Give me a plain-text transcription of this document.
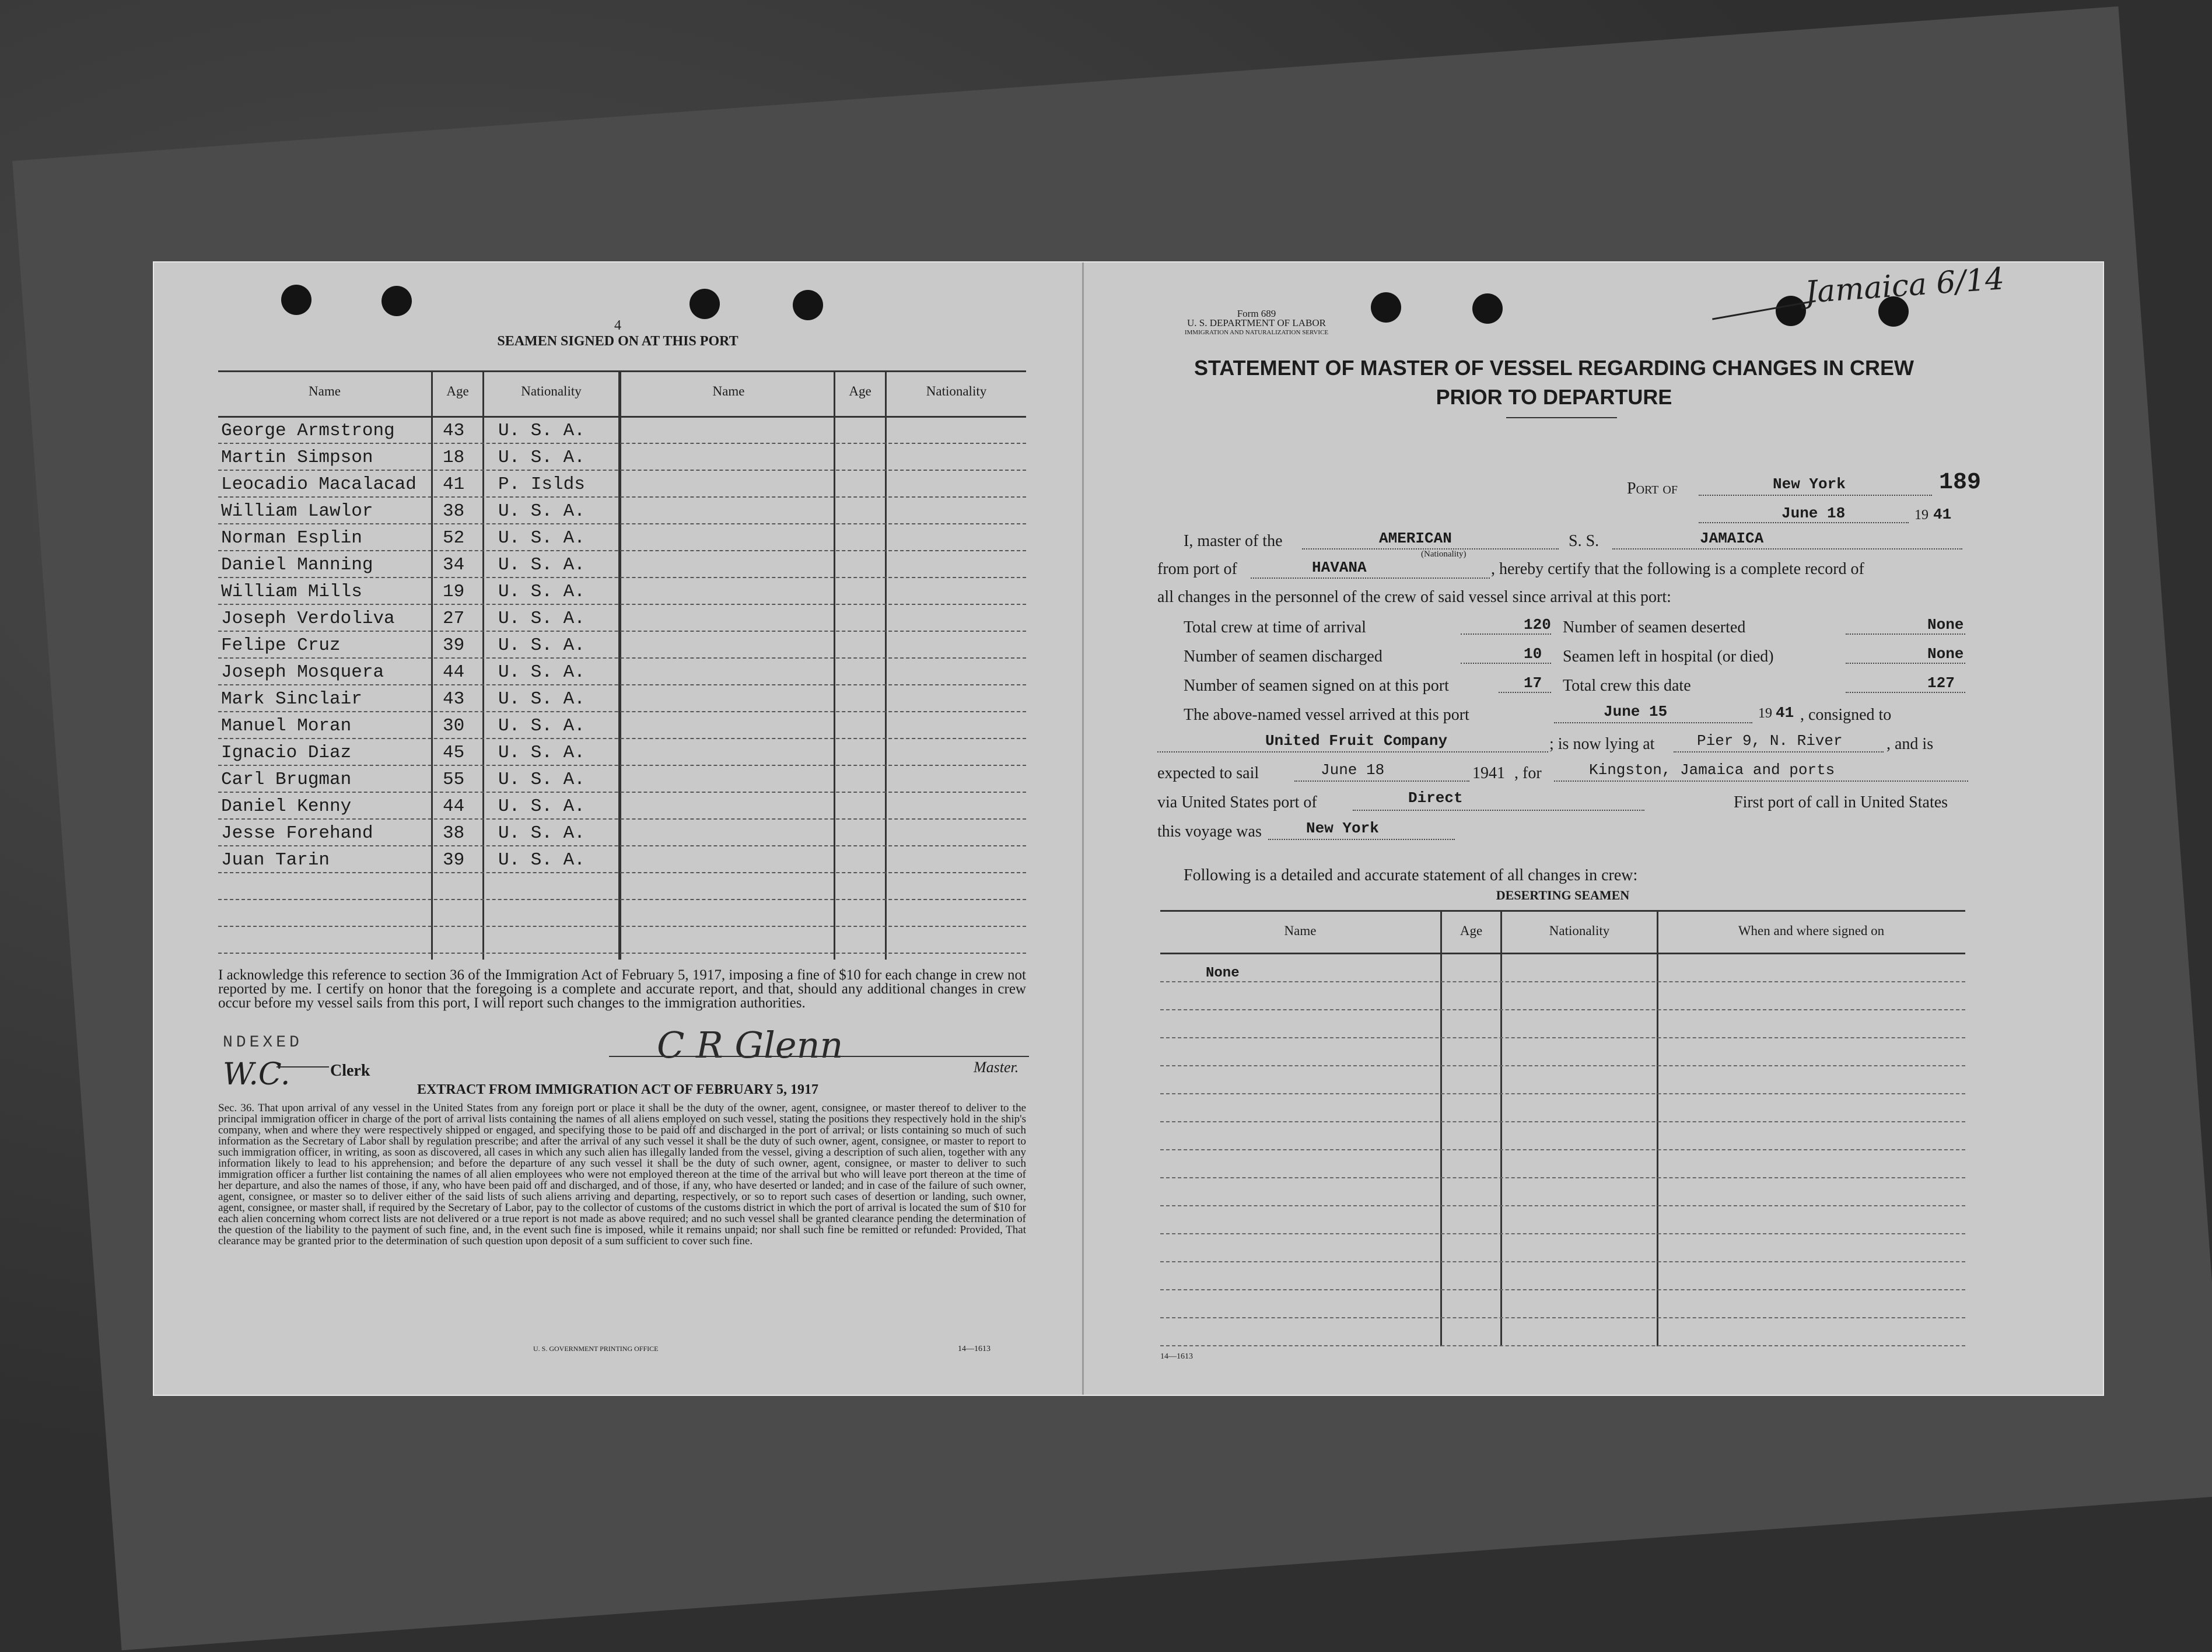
4
SEAMEN SIGNED ON AT THIS PORT
Name	Age	Nationality	Name	Age	Nationality
George Armstrong	43 U. S. A.
Martin Simpson	18 U. S. A.
Leocadio Macalacad 41 P. Islds
William Lawlor	38 U. S. A.
Norman Esplin	52 U. S. A.
Daniel Manning	34 U. S. A.
William Mills	19 U. S. A.
Joseph Verdoliva	27 U. S. A.
Felipe Cruz	39 U. S. A.
Joseph Mosquera	44 U. S. A.
Mark Sinclair	43 U. S. A.
Manuel Moran	30 U. S. A.
Ignacio Diaz	45 U. S. A.
Carl Brugman	55 U. S. A.
Daniel Kenny	44 U. S. A.
Jesse Forehand	38 U. S. A.
Juan Tarin	39 U. S. A.
I acknowledge this reference to section 36 of the Immigration Act of February 5, 1917, imposing a fine of $10 for each change in crew not reported by me. I certify on honor that the foregoing is a complete and accurate report, and that, should any additional changes in crew occur before my vessel sails from this port, I will report such changes to the immigration authorities.
NDEXED
W.C. Clerk
C R Glenn
Master.
EXTRACT FROM IMMIGRATION ACT OF FEBRUARY 5, 1917
Sec. 36. That upon arrival of any vessel in the United States from any foreign port or place it shall be the duty of the owner, agent, consignee, or master thereof to deliver to the principal immigration officer in charge of the port of arrival lists containing the names of all aliens employed on such vessel, stating the positions they respectively hold in the ship's company, when and where they were respectively shipped or engaged, and specifying those to be paid off and discharged in the port of arrival; or lists containing so much of such information as the Secretary of Labor shall by regulation prescribe; and after the arrival of any such vessel it shall be the duty of such owner, agent, consignee, or master to report to such immigration officer, in writing, as soon as discovered, all cases in which any such alien has illegally landed from the vessel, giving a description of such alien, together with any information likely to lead to his apprehension; and before the departure of any such vessel it shall be the duty of such owner, agent, consignee, or master to deliver to such immigration officer a further list containing the names of all alien employees who were not employed thereon at the time of the arrival but who will leave port thereon at the time of her departure, and also the names of those, if any, who have been paid off and discharged, and of those, if any, who have deserted or landed; and in case of the failure of such owner, agent, consignee, or master so to deliver either of the said lists of such aliens arriving and departing, respectively, or so to report such cases of desertion or landing, such owner, agent, consignee, or master shall, if required by the Secretary of Labor, pay to the collector of customs of the customs district in which the port of arrival is located the sum of $10 for each alien concerning whom correct lists are not delivered or a true report is not made as above required; and no such vessel shall be granted clearance pending the determination of the question of the liability to the payment of such fine, and, in the event such fine is imposed, while it remains unpaid; nor shall such fine be remitted or refunded: Provided, That clearance may be granted prior to the determination of such question upon deposit of a sum sufficient to cover such fine.
U. S. GOVERNMENT PRINTING OFFICE	14—1613
Jamaica 6/14
Form 689
U. S. DEPARTMENT OF LABOR
IMMIGRATION AND NATURALIZATION SERVICE
STATEMENT OF MASTER OF VESSEL REGARDING CHANGES IN CREW
PRIOR TO DEPARTURE
Port of	New York	189
June 18	19 41
I, master of the	AMERICAN
(Nationality)
S. S.	JAMAICA
from port of	HAVANA	, hereby certify that the following is a complete record of
all changes in the personnel of the crew of said vessel since arrival at this port:
Total crew at time of arrival	120
Number of seamen discharged	10
Number of seamen signed on at this port	17
Number of seamen deserted	None
Seamen left in hospital (or died)	None
Total crew this date	127
The above-named vessel arrived at this port	June 15	19 41 , consigned to
United Fruit Company	; is now lying at	Pier 9, N. River	, and is
expected to sail	June 18	1941 , for	Kingston, Jamaica and ports
via United States port of	Direct	First port of call in United States
this voyage was	New York
Following is a detailed and accurate statement of all changes in crew:
DESERTING SEAMEN
Name	Age	Nationality	When and where signed on
None
14—1613
